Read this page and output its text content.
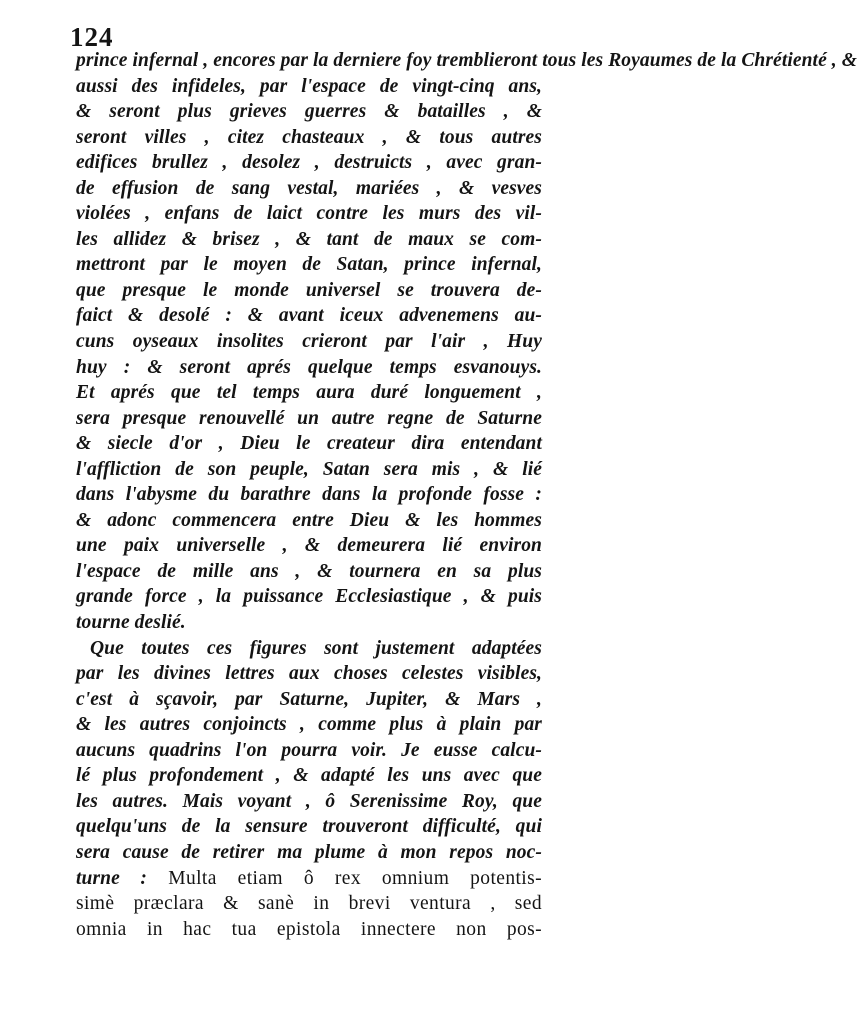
124
prince infernal , encores par la derniere foy tremblieront tous les Royaumes de la Chrétienté , &
aussi des infideles, par l'espace de vingt-cinq ans,
& seront plus grieves guerres & batailles , &
seront villes , citez chasteaux , & tous autres
edifices brullez , desolez , destruicts , avec gran-
de effusion de sang vestal, mariées , & vesves
violées , enfans de laict contre les murs des vil-
les allidez & brisez , & tant de maux se com-
mettront par le moyen de Satan, prince infernal,
que presque le monde universel se trouvera de-
faict & desolé : & avant iceux advenemens au-
cuns oyseaux insolites crieront par l'air , Huy
huy : & seront aprés quelque temps esvanouys.
Et aprés que tel temps aura duré longuement ,
sera presque renouvellé un autre regne de Saturne
& siecle d'or , Dieu le createur dira entendant
l'affliction de son peuple, Satan sera mis , & lié
dans l'abysme du barathre dans la profonde fosse :
& adonc commencera entre Dieu & les hommes
une paix universelle , & demeurera lié environ
l'espace de mille ans , & tournera en sa plus
grande force , la puissance Ecclesiastique , & puis
tourne deslié.
Que toutes ces figures sont justement adaptées
par les divines lettres aux choses celestes visibles,
c'est à sçavoir, par Saturne, Jupiter, & Mars ,
& les autres conjoincts , comme plus à plain par
aucuns quadrins l'on pourra voir. Je eusse calcu-
lé plus profondement , & adapté les uns avec que
les autres. Mais voyant , ô Serenissime Roy, que
quelqu'uns de la sensure trouveront difficulté, qui
sera cause de retirer ma plume à mon repos noc-
turne : Multa etiam ô rex omnium potentis-
simè præclara & sanè in brevi ventura , sed
omnia in hac tua epistola innectere non pos-
